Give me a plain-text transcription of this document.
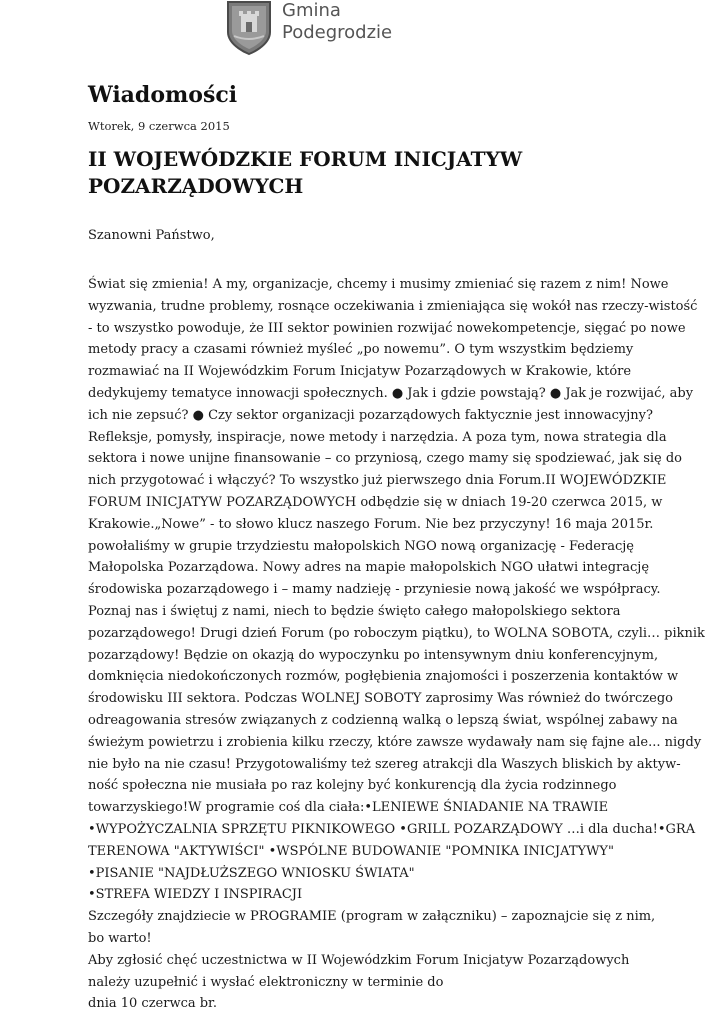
Gmina
Podegrodzie
Wiadomości
Wtorek, 9 czerwca 2015
II WOJEWÓDZKIE FORUM INICJATYW POZARZĄDOWYCH
Szanowni Państwo,
Świat się zmienia! A my, organizacje, chcemy i musimy zmieniać się razem z nim! Nowe
wyzwania, trudne problemy, rosnące oczekiwania i zmieniająca się wokół nas rzeczy-wistość
- to wszystko powoduje, że III sektor powinien rozwijać nowekompetencje, sięgać po nowe
metody pracy a czasami również myśleć „po nowemu”. O tym wszystkim będziemy
rozmawiać na II Wojewódzkim Forum Inicjatyw Pozarządowych w Krakowie, które
dedykujemy tematyce innowacji społecznych. ● Jak i gdzie powstają? ● Jak je rozwijać, aby
ich nie zepsuć? ● Czy sektor organizacji pozarządowych faktycznie jest innowacyjny?
Refleksje, pomysły, inspiracje, nowe metody i narzędzia. A poza tym, nowa strategia dla
sektora i nowe unijne finansowanie – co przyniosą, czego mamy się spodziewać, jak się do
nich przygotować i włączyć? To wszystko już pierwszego dnia Forum.II WOJEWÓDZKIE
FORUM INICJATYW POZARZĄDOWYCH odbędzie się w dniach 19-20 czerwca 2015, w
Krakowie.„Nowe” - to słowo klucz naszego Forum. Nie bez przyczyny! 16 maja 2015r.
powołaliśmy w grupie trzydziestu małopolskich NGO nową organizację - Federację
Małopolska Pozarządowa. Nowy adres na mapie małopolskich NGO ułatwi integrację
środowiska pozarządowego i – mamy nadzieję - przyniesie nową jakość we współpracy.
Poznaj nas i świętuj z nami, niech to będzie święto całego małopolskiego sektora
pozarządowego! Drugi dzień Forum (po roboczym piątku), to WOLNA SOBOTA, czyli… piknik
pozarządowy! Będzie on okazją do wypoczynku po intensywnym dniu konferencyjnym,
domknięcia niedokończonych rozmów, pogłębienia znajomości i poszerzenia kontaktów w
środowisku III sektora. Podczas WOLNEJ SOBOTY zaprosimy Was również do twórczego
odreagowania stresów związanych z codzienną walką o lepszą świat, wspólnej zabawy na
świeżym powietrzu i zrobienia kilku rzeczy, które zawsze wydawały nam się fajne ale... nigdy
nie było na nie czasu! Przygotowaliśmy też szereg atrakcji dla Waszych bliskich by aktyw-
ność społeczna nie musiała po raz kolejny być konkurencją dla życia rodzinnego
towarzyskiego!W programie coś dla ciała:•LENIEWE ŚNIADANIE NA TRAWIE
•WYPOŻYCZALNIA SPRZĘTU PIKNIKOWEGO •GRILL POZARZĄDOWY …i dla ducha!•GRA
TERENOWA "AKTYWIŚCI" •WSPÓLNE BUDOWANIE "POMNIKA INICJATYWY"
•PISANIE "NAJDŁUŻSZEGO WNIOSKU ŚWIATA"
•STREFA WIEDZY I INSPIRACJI
Szczegóły znajdziecie w PROGRAMIE (program w załączniku) – zapoznajcie się z nim,
bo warto!
Aby zgłosić chęć uczestnictwa w II Wojewódzkim Forum Inicjatyw Pozarządowych
należy uzupełnić i wysłać elektroniczny w terminie do
dnia 10 czerwca br.
